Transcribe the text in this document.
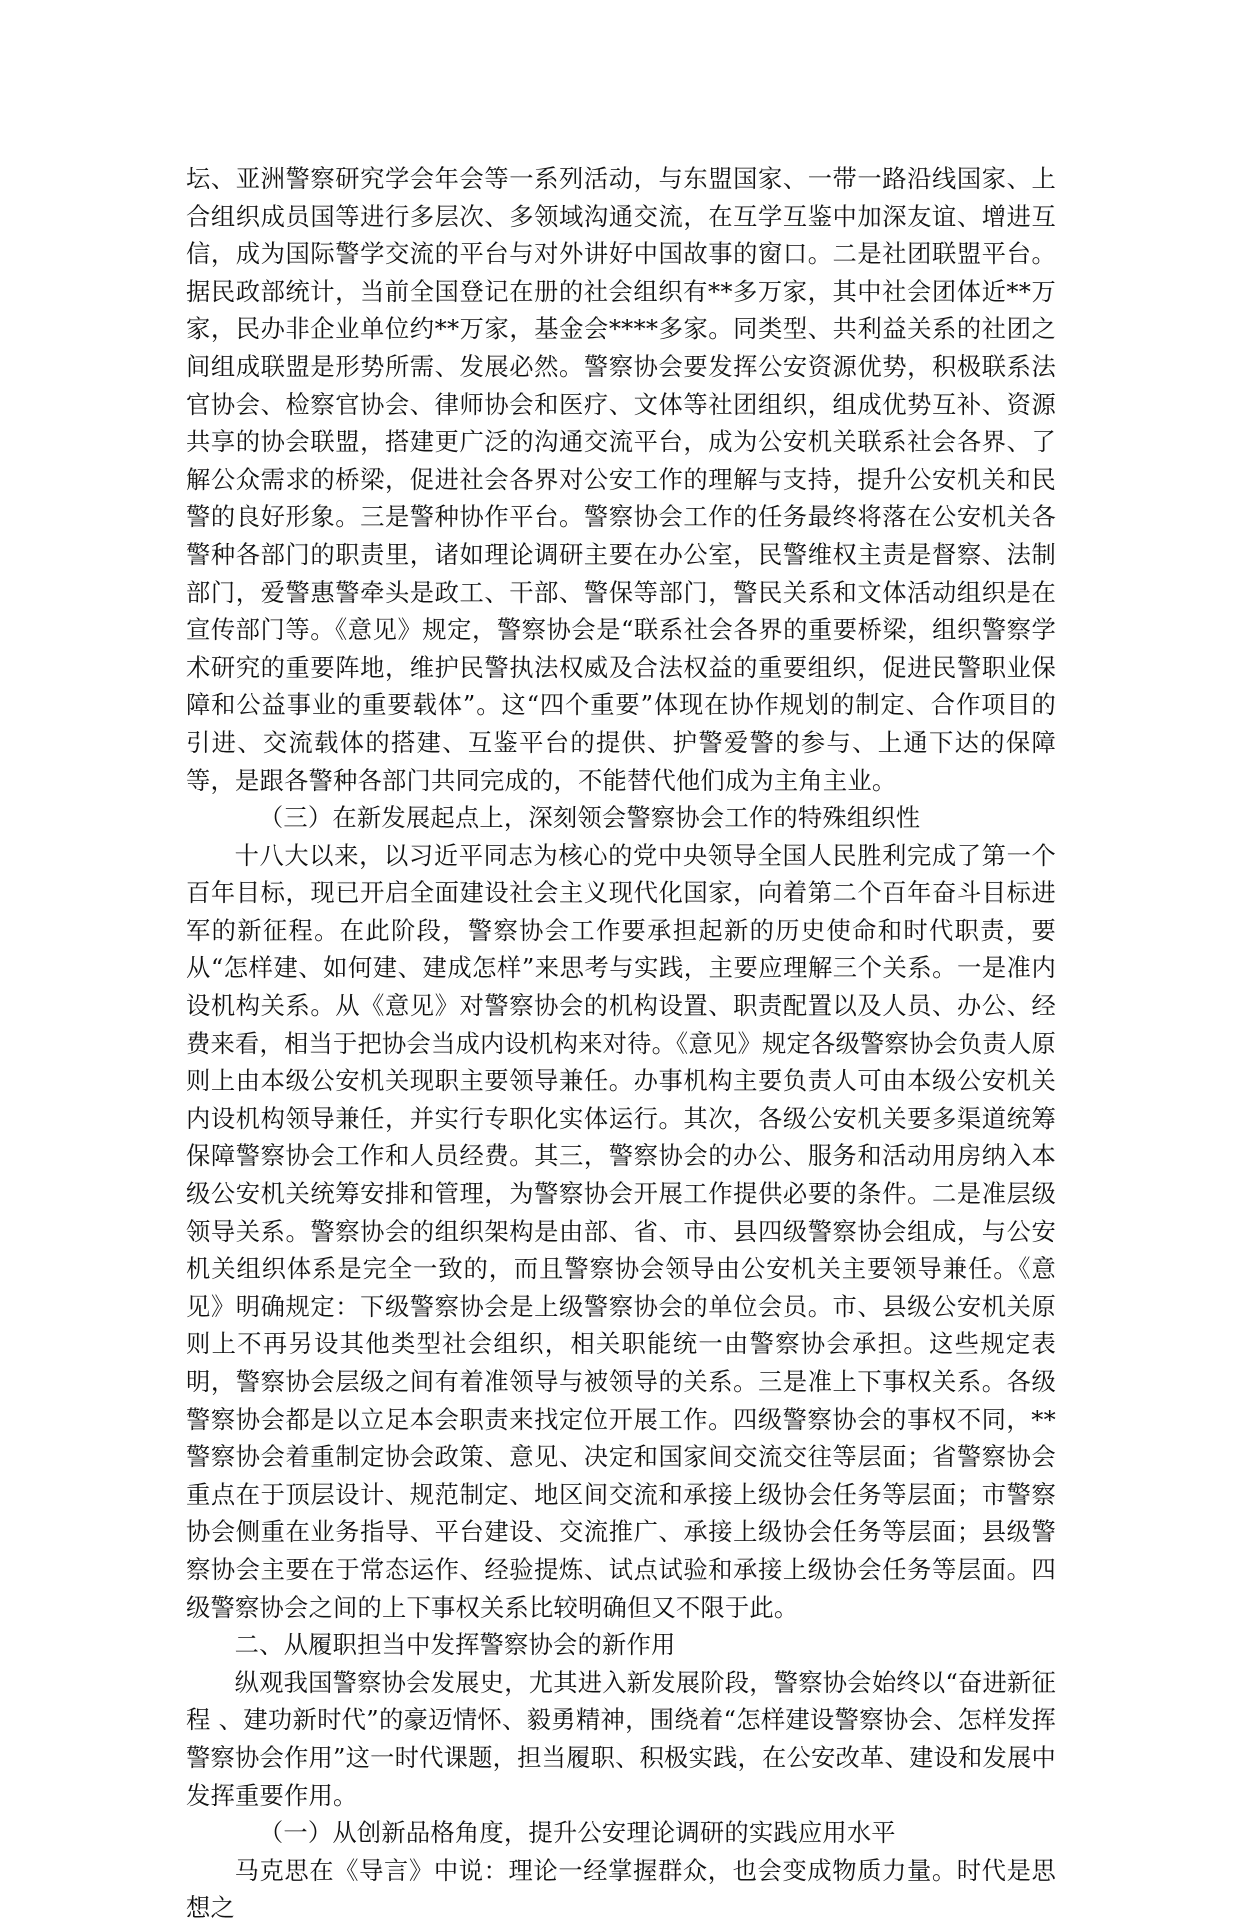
坛、亚洲警察研究学会年会等一系列活动，与东盟国家、一带一路沿线国家、上合组织成员国等进行多层次、多领域沟通交流，在互学互鉴中加深友谊、增进互信，成为国际警学交流的平台与对外讲好中国故事的窗口。二是社团联盟平台。据民政部统计，当前全国登记在册的社会组织有**多万家，其中社会团体近**万家，民办非企业单位约**万家，基金会****多家。同类型、共利益关系的社团之间组成联盟是形势所需、发展必然。警察协会要发挥公安资源优势，积极联系法官协会、检察官协会、律师协会和医疗、文体等社团组织，组成优势互补、资源共享的协会联盟，搭建更广泛的沟通交流平台，成为公安机关联系社会各界、了解公众需求的桥梁，促进社会各界对公安工作的理解与支持，提升公安机关和民警的良好形象。三是警种协作平台。警察协会工作的任务最终将落在公安机关各警种各部门的职责里，诸如理论调研主要在办公室，民警维权主责是督察、法制部门，爱警惠警牵头是政工、干部、警保等部门，警民关系和文体活动组织是在宣传部门等。《意见》规定，警察协会是“联系社会各界的重要桥梁，组织警察学术研究的重要阵地，维护民警执法权威及合法权益的重要组织，促进民警职业保障和公益事业的重要载体”。这“四个重要”体现在协作规划的制定、合作项目的引进、交流载体的搭建、互鉴平台的提供、护警爱警的参与、上通下达的保障等，是跟各警种各部门共同完成的，不能替代他们成为主角主业。

（三）在新发展起点上，深刻领会警察协会工作的特殊组织性

十八大以来，以习近平同志为核心的党中央领导全国人民胜利完成了第一个百年目标，现已开启全面建设社会主义现代化国家，向着第二个百年奋斗目标进军的新征程。在此阶段，警察协会工作要承担起新的历史使命和时代职责，要从“怎样建、如何建、建成怎样”来思考与实践，主要应理解三个关系。一是准内设机构关系。从《意见》对警察协会的机构设置、职责配置以及人员、办公、经费来看，相当于把协会当成内设机构来对待。《意见》规定各级警察协会负责人原则上由本级公安机关现职主要领导兼任。办事机构主要负责人可由本级公安机关内设机构领导兼任，并实行专职化实体运行。其次，各级公安机关要多渠道统筹保障警察协会工作和人员经费。其三，警察协会的办公、服务和活动用房纳入本级公安机关统筹安排和管理，为警察协会开展工作提供必要的条件。二是准层级领导关系。警察协会的组织架构是由部、省、市、县四级警察协会组成，与公安机关组织体系是完全一致的，而且警察协会领导由公安机关主要领导兼任。《意见》明确规定：下级警察协会是上级警察协会的单位会员。市、县级公安机关原则上不再另设其他类型社会组织，相关职能统一由警察协会承担。这些规定表明，警察协会层级之间有着准领导与被领导的关系。三是准上下事权关系。各级警察协会都是以立足本会职责来找定位开展工作。四级警察协会的事权不同，**警察协会着重制定协会政策、意见、决定和国家间交流交往等层面；省警察协会重点在于顶层设计、规范制定、地区间交流和承接上级协会任务等层面；市警察协会侧重在业务指导、平台建设、交流推广、承接上级协会任务等层面；县级警察协会主要在于常态运作、经验提炼、试点试验和承接上级协会任务等层面。四级警察协会之间的上下事权关系比较明确但又不限于此。

二、从履职担当中发挥警察协会的新作用

纵观我国警察协会发展史，尤其进入新发展阶段，警察协会始终以“奋进新征程 、建功新时代”的豪迈情怀、毅勇精神，围绕着“怎样建设警察协会、怎样发挥警察协会作用”这一时代课题，担当履职、积极实践，在公安改革、建设和发展中发挥重要作用。

（一）从创新品格角度，提升公安理论调研的实践应用水平

马克思在《导言》中说：理论一经掌握群众，也会变成物质力量。时代是思想之
